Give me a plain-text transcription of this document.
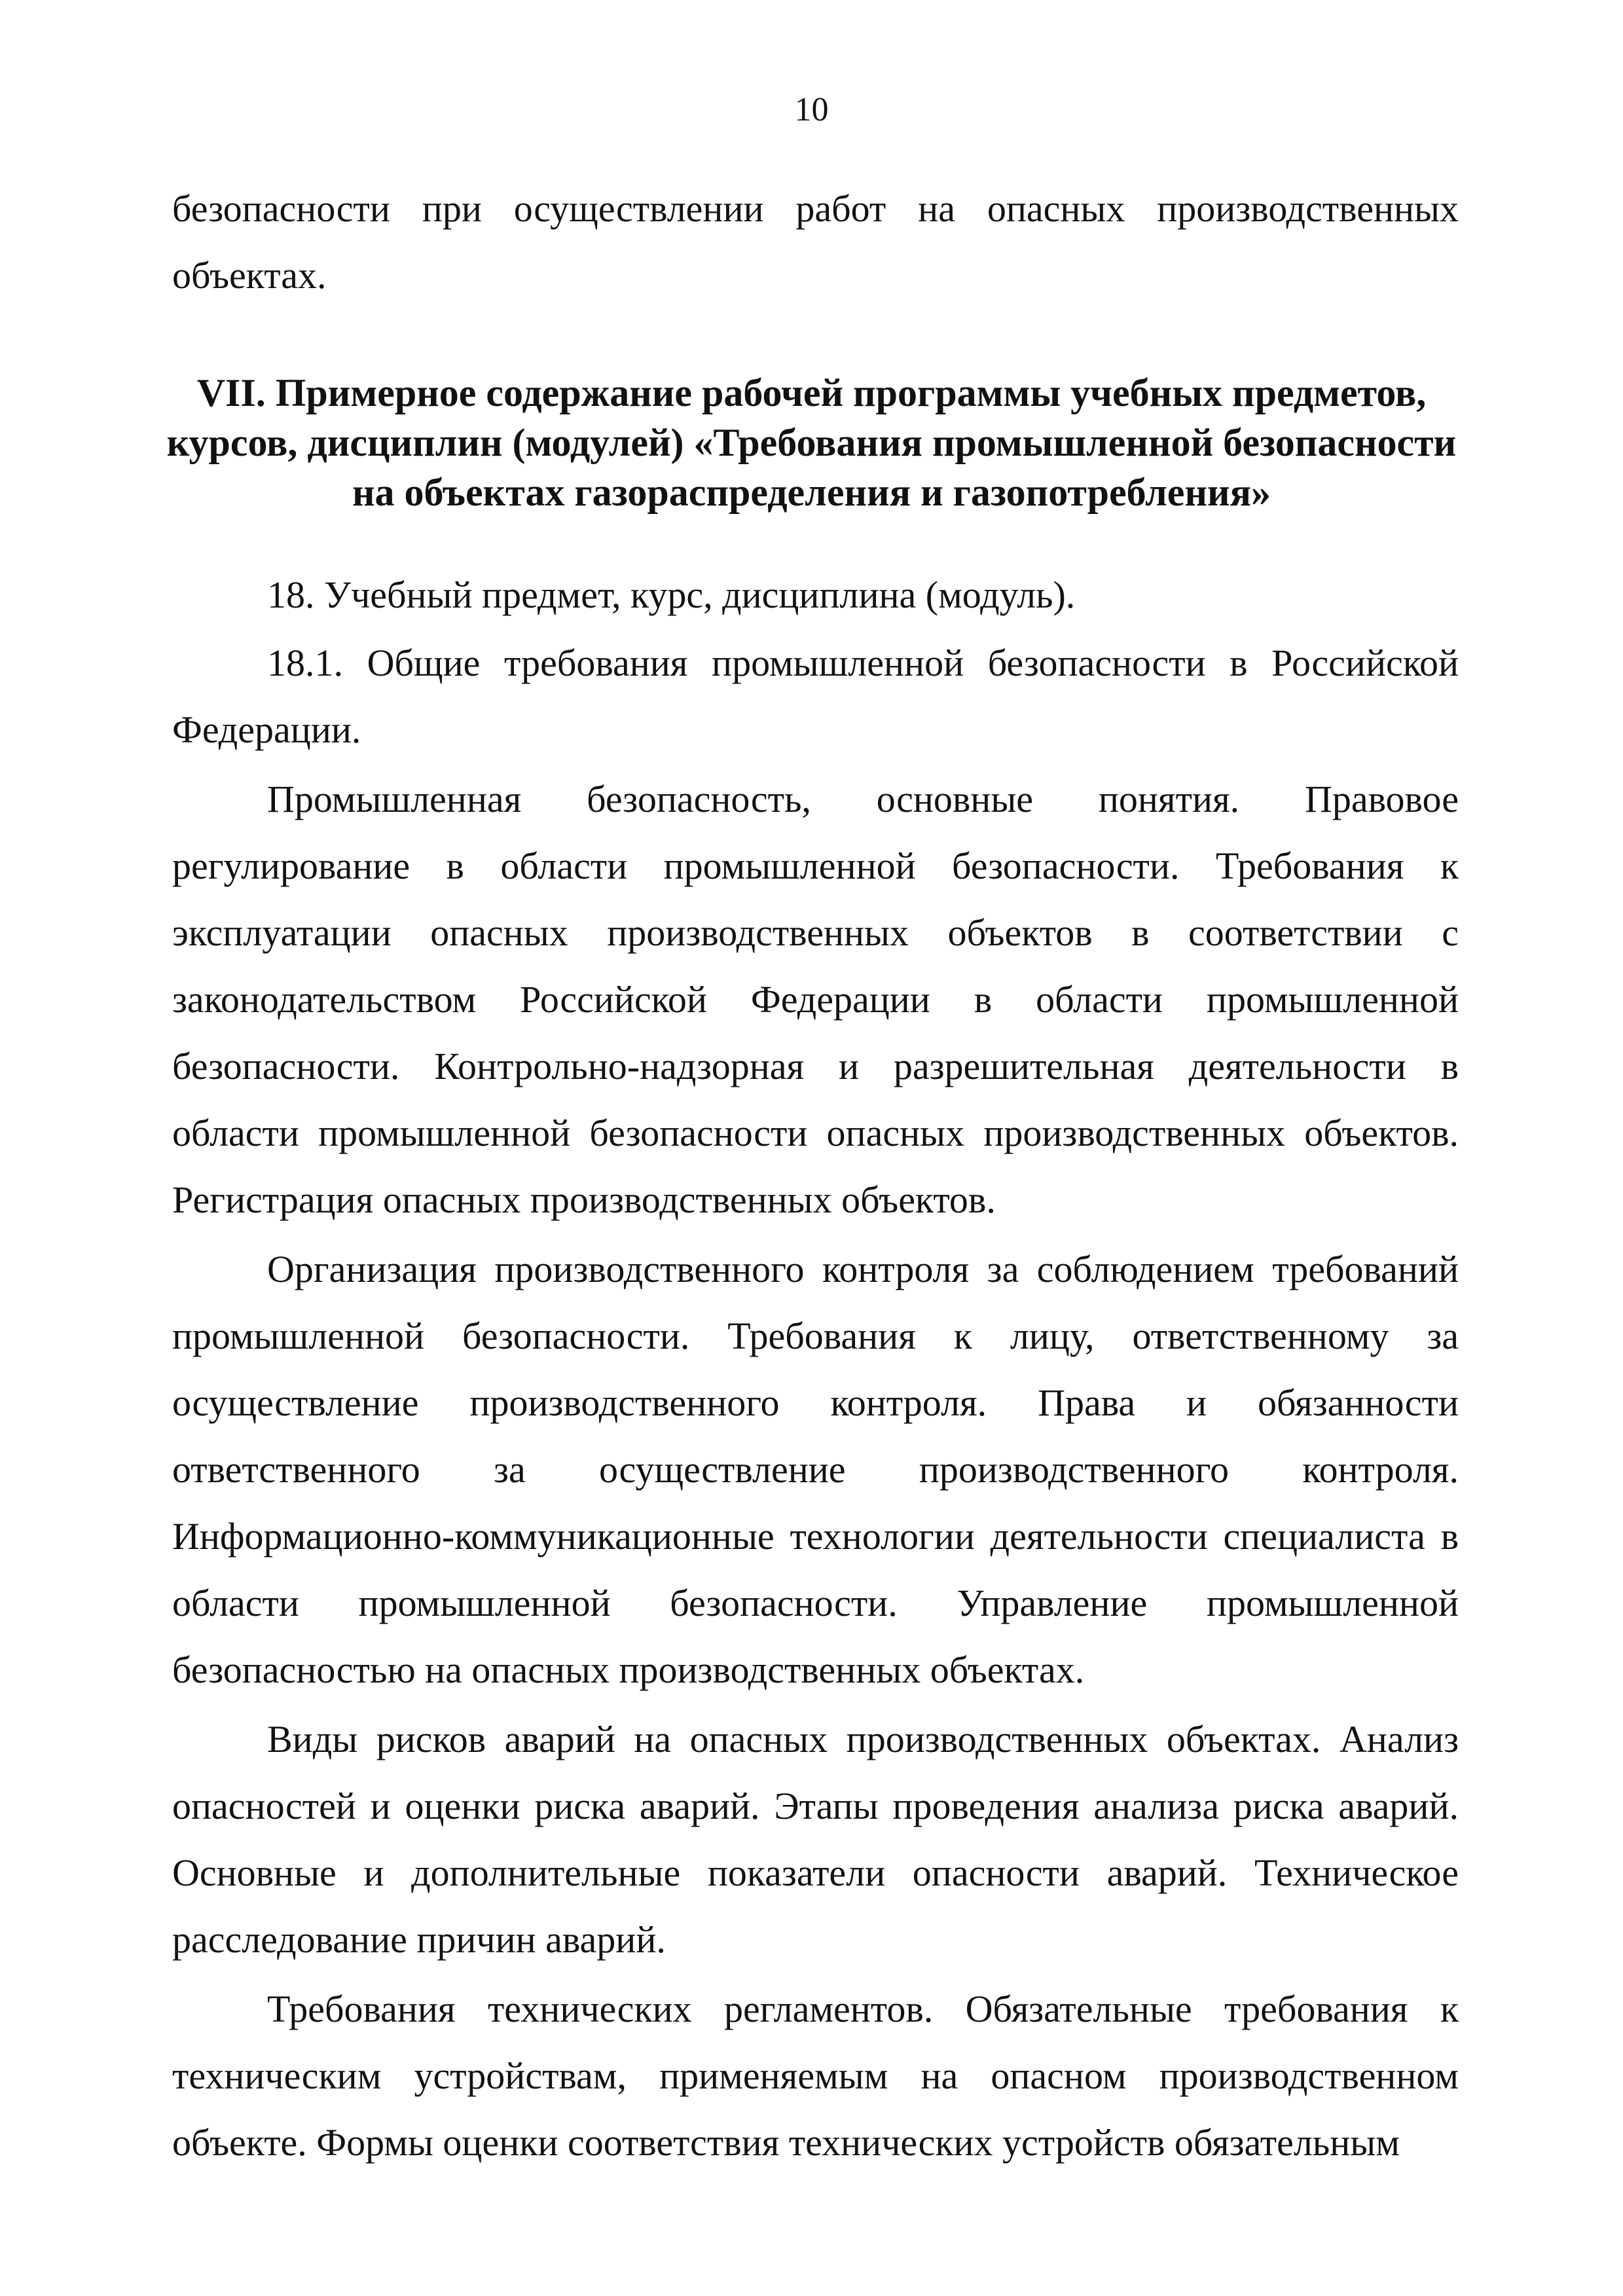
10

безопасности при осуществлении работ на опасных производственных объектах.

VII. Примерное содержание рабочей программы учебных предметов,
курсов, дисциплин (модулей) «Требования промышленной безопасности
на объектах газораспределения и газопотребления»

18. Учебный предмет, курс, дисциплина (модуль).

18.1. Общие требования промышленной безопасности в Российской Федерации.

Промышленная безопасность, основные понятия. Правовое регулирование в области промышленной безопасности. Требования к эксплуатации опасных производственных объектов в соответствии с законодательством Российской Федерации в области промышленной безопасности. Контрольно-надзорная и разрешительная деятельности в области промышленной безопасности опасных производственных объектов. Регистрация опасных производственных объектов.

Организация производственного контроля за соблюдением требований промышленной безопасности. Требования к лицу, ответственному за осуществление производственного контроля. Права и обязанности ответственного за осуществление производственного контроля. Информационно-коммуникационные технологии деятельности специалиста в области промышленной безопасности. Управление промышленной безопасностью на опасных производственных объектах.

Виды рисков аварий на опасных производственных объектах. Анализ опасностей и оценки риска аварий. Этапы проведения анализа риска аварий. Основные и дополнительные показатели опасности аварий. Техническое расследование причин аварий.

Требования технических регламентов. Обязательные требования к техническим устройствам, применяемым на опасном производственном объекте. Формы оценки соответствия технических устройств обязательным
